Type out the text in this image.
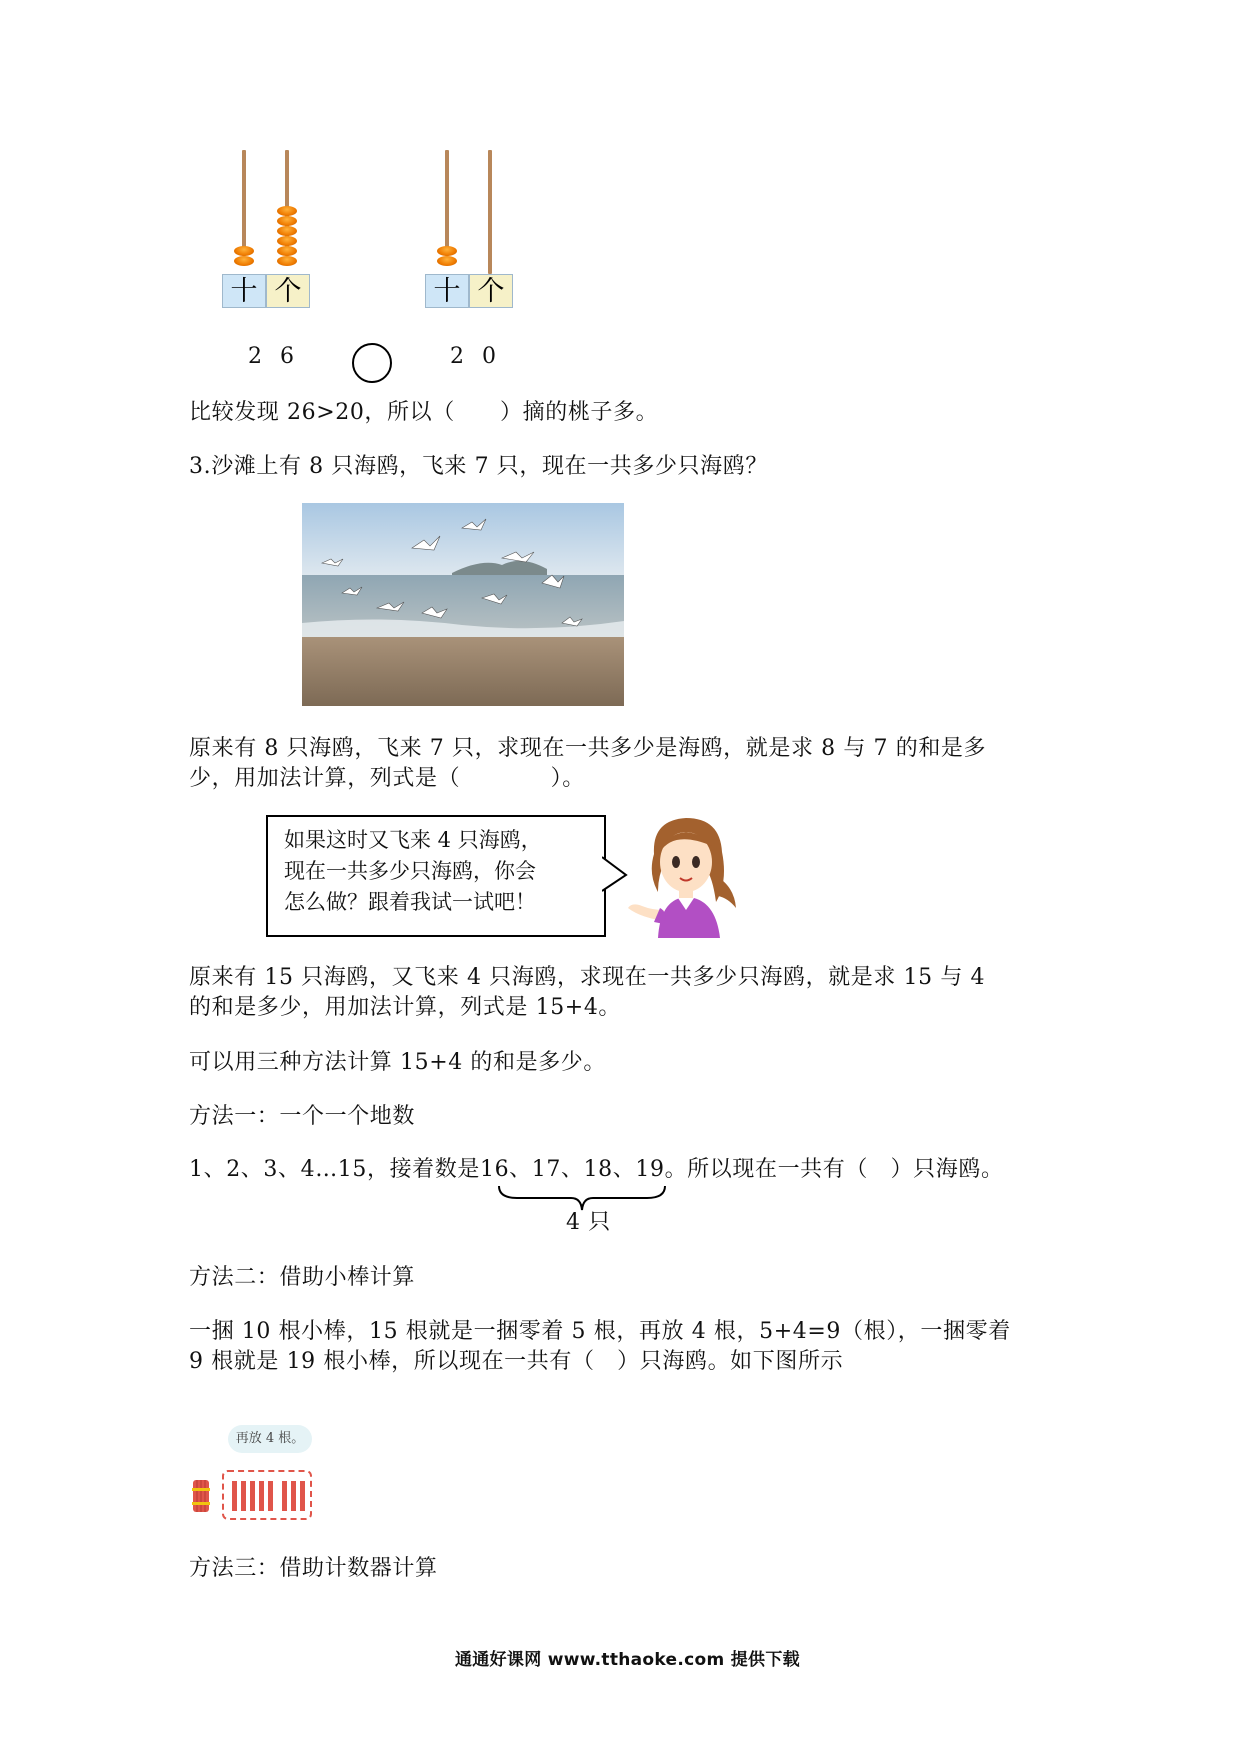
十 个
26
十 个
20
比较发现 26>20，所以（　　）摘的桃子多。
3.沙滩上有 8 只海鸥，飞来 7 只，现在一共多少只海鸥？
原来有 8 只海鸥，飞来 7 只，求现在一共多少是海鸥，就是求 8 与 7 的和是多
少，用加法计算，列式是（　　　　）。
如果这时又飞来 4 只海鸥，
现在一共多少只海鸥，你会
怎么做？跟着我试一试吧！
原来有 15 只海鸥，又飞来 4 只海鸥，求现在一共多少只海鸥，就是求 15 与 4
的和是多少，用加法计算，列式是 15+4。
可以用三种方法计算 15+4 的和是多少。
方法一：一个一个地数
1、2、3、4…15，接着数是16、17、18、19。所以现在一共有（　）只海鸥。
4 只
方法二：借助小棒计算
一捆 10 根小棒，15 根就是一捆零着 5 根，再放 4 根，5+4=9（根），一捆零着
9 根就是 19 根小棒，所以现在一共有（　）只海鸥。如下图所示
再放 4 根。
方法三：借助计数器计算
通通好课网 www.tthaoke.com 提供下载
